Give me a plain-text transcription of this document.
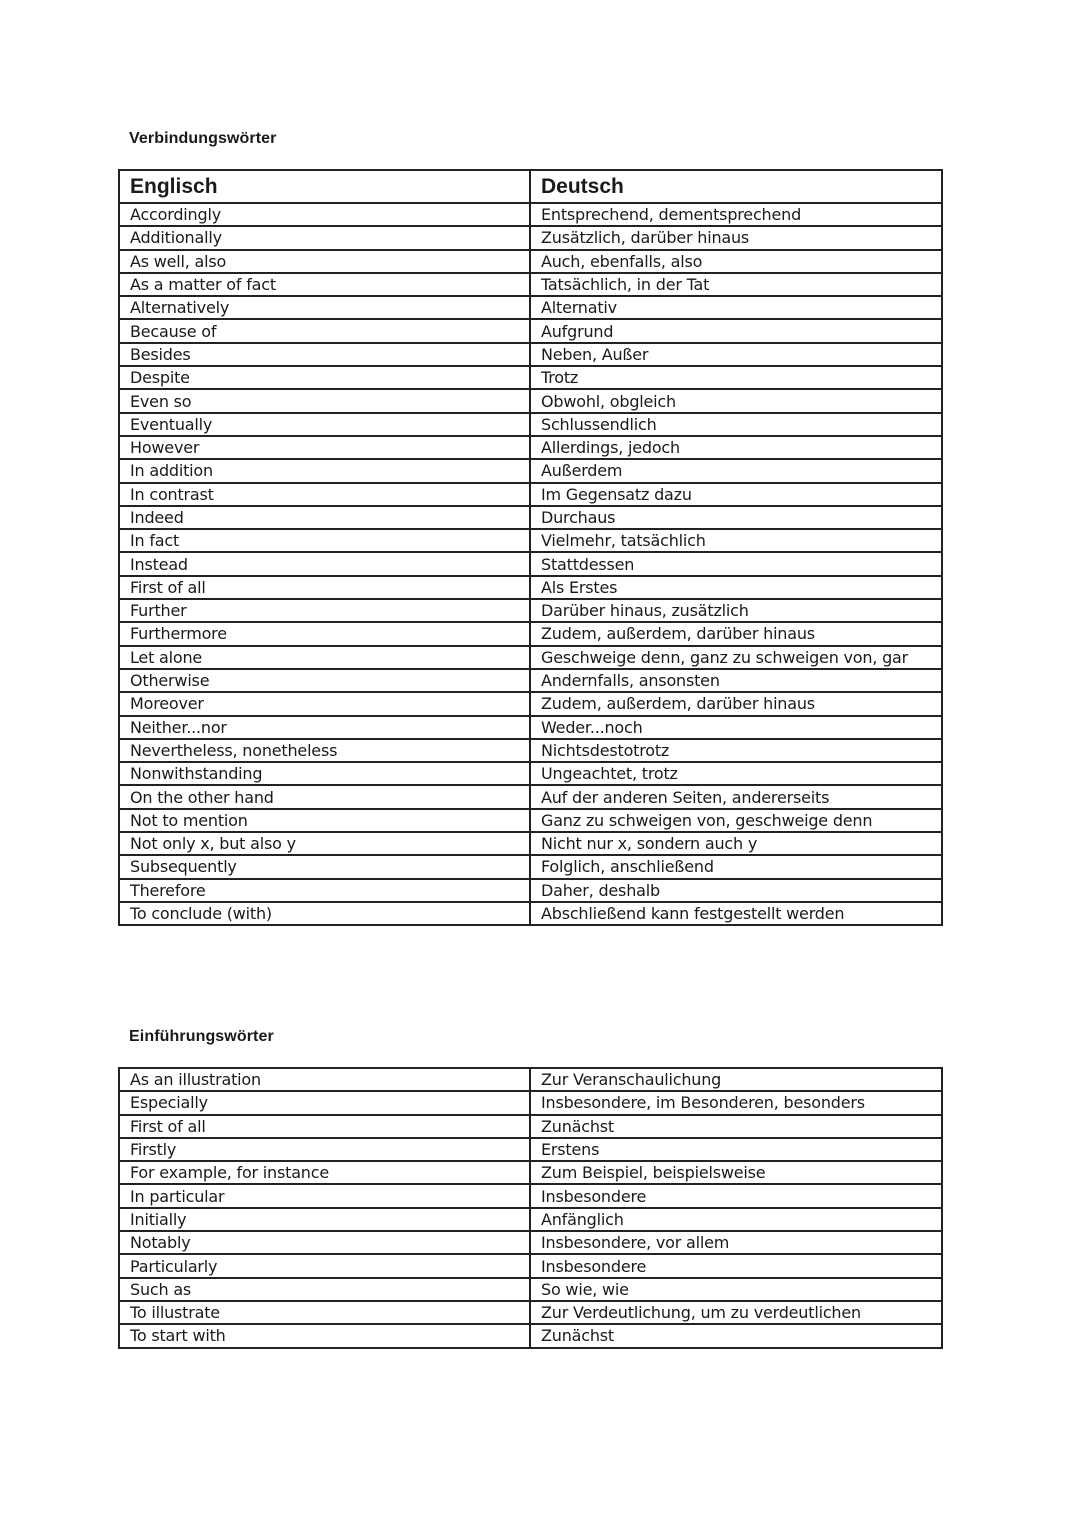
Verbindungswörter
Englisch	Deutsch
Accordingly	Entsprechend, dementsprechend
Additionally	Zusätzlich, darüber hinaus
As well, also	Auch, ebenfalls, also
As a matter of fact	Tatsächlich, in der Tat
Alternatively	Alternativ
Because of	Aufgrund
Besides	Neben, Außer
Despite	Trotz
Even so	Obwohl, obgleich
Eventually	Schlussendlich
However	Allerdings, jedoch
In addition	Außerdem
In contrast	Im Gegensatz dazu
Indeed	Durchaus
In fact	Vielmehr, tatsächlich
Instead	Stattdessen
First of all	Als Erstes
Further	Darüber hinaus, zusätzlich
Furthermore	Zudem, außerdem, darüber hinaus
Let alone	Geschweige denn, ganz zu schweigen von, gar
Otherwise	Andernfalls, ansonsten
Moreover	Zudem, außerdem, darüber hinaus
Neither...nor	Weder...noch
Nevertheless, nonetheless	Nichtsdestotrotz
Nonwithstanding	Ungeachtet, trotz
On the other hand	Auf der anderen Seiten, andererseits
Not to mention	Ganz zu schweigen von, geschweige denn
Not only x, but also y	Nicht nur x, sondern auch y
Subsequently	Folglich, anschließend
Therefore	Daher, deshalb
To conclude (with)	Abschließend kann festgestellt werden
Einführungswörter
As an illustration	Zur Veranschaulichung
Especially	Insbesondere, im Besonderen, besonders
First of all	Zunächst
Firstly	Erstens
For example, for instance	Zum Beispiel, beispielsweise
In particular	Insbesondere
Initially	Anfänglich
Notably	Insbesondere, vor allem
Particularly	Insbesondere
Such as	So wie, wie
To illustrate	Zur Verdeutlichung, um zu verdeutlichen
To start with	Zunächst
